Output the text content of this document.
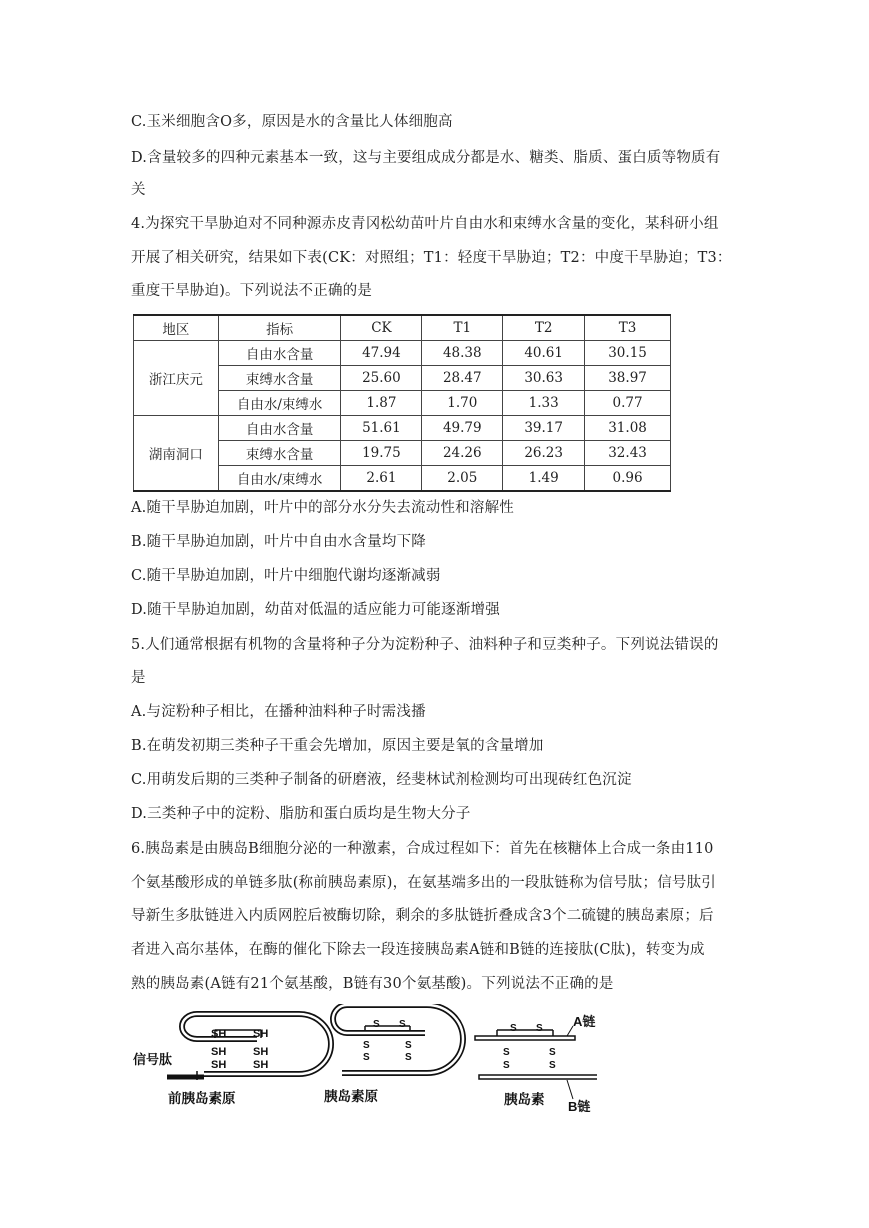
C.玉米细胞含O多，原因是水的含量比人体细胞高
D.含量较多的四种元素基本一致，这与主要组成成分都是水、糖类、脂质、蛋白质等物质有
关
4.为探究干旱胁迫对不同种源赤皮青冈松幼苗叶片自由水和束缚水含量的变化，某科研小组
开展了相关研究，结果如下表(CK：对照组；T1：轻度干旱胁迫；T2：中度干旱胁迫；T3：
重度干旱胁迫)。下列说法不正确的是
地区	指标	CK	T1	T2	T3
浙江庆元	自由水含量	47.94	48.38	40.61	30.15
	束缚水含量	25.60	28.47	30.63	38.97
	自由水/束缚水	1.87	1.70	1.33	0.77
湖南洞口	自由水含量	51.61	49.79	39.17	31.08
	束缚水含量	19.75	24.26	26.23	32.43
	自由水/束缚水	2.61	2.05	1.49	0.96
A.随干旱胁迫加剧，叶片中的部分水分失去流动性和溶解性
B.随干旱胁迫加剧，叶片中自由水含量均下降
C.随干旱胁迫加剧，叶片中细胞代谢均逐渐减弱
D.随干旱胁迫加剧，幼苗对低温的适应能力可能逐渐增强
5.人们通常根据有机物的含量将种子分为淀粉种子、油料种子和豆类种子。下列说法错误的
是
A.与淀粉种子相比，在播种油料种子时需浅播
B.在萌发初期三类种子干重会先增加，原因主要是氧的含量增加
C.用萌发后期的三类种子制备的研磨液，经斐林试剂检测均可出现砖红色沉淀
D.三类种子中的淀粉、脂肪和蛋白质均是生物大分子
6.胰岛素是由胰岛B细胞分泌的一种激素，合成过程如下：首先在核糖体上合成一条由110
个氨基酸形成的单链多肽(称前胰岛素原)，在氨基端多出的一段肽链称为信号肽；信号肽引
导新生多肽链进入内质网腔后被酶切除，剩余的多肽链折叠成含3个二硫键的胰岛素原；后
者进入高尔基体，在酶的催化下除去一段连接胰岛素A链和B链的连接肽(C肽)，转变为成
熟的胰岛素(A链有21个氨基酸，B链有30个氨基酸)。下列说法不正确的是
信号肽
SH SH
SH SH
SH SH
前胰岛素原
S S
S
S
S
S
胰岛素原
S S
S
S
S
S
A链
B链
胰岛素
